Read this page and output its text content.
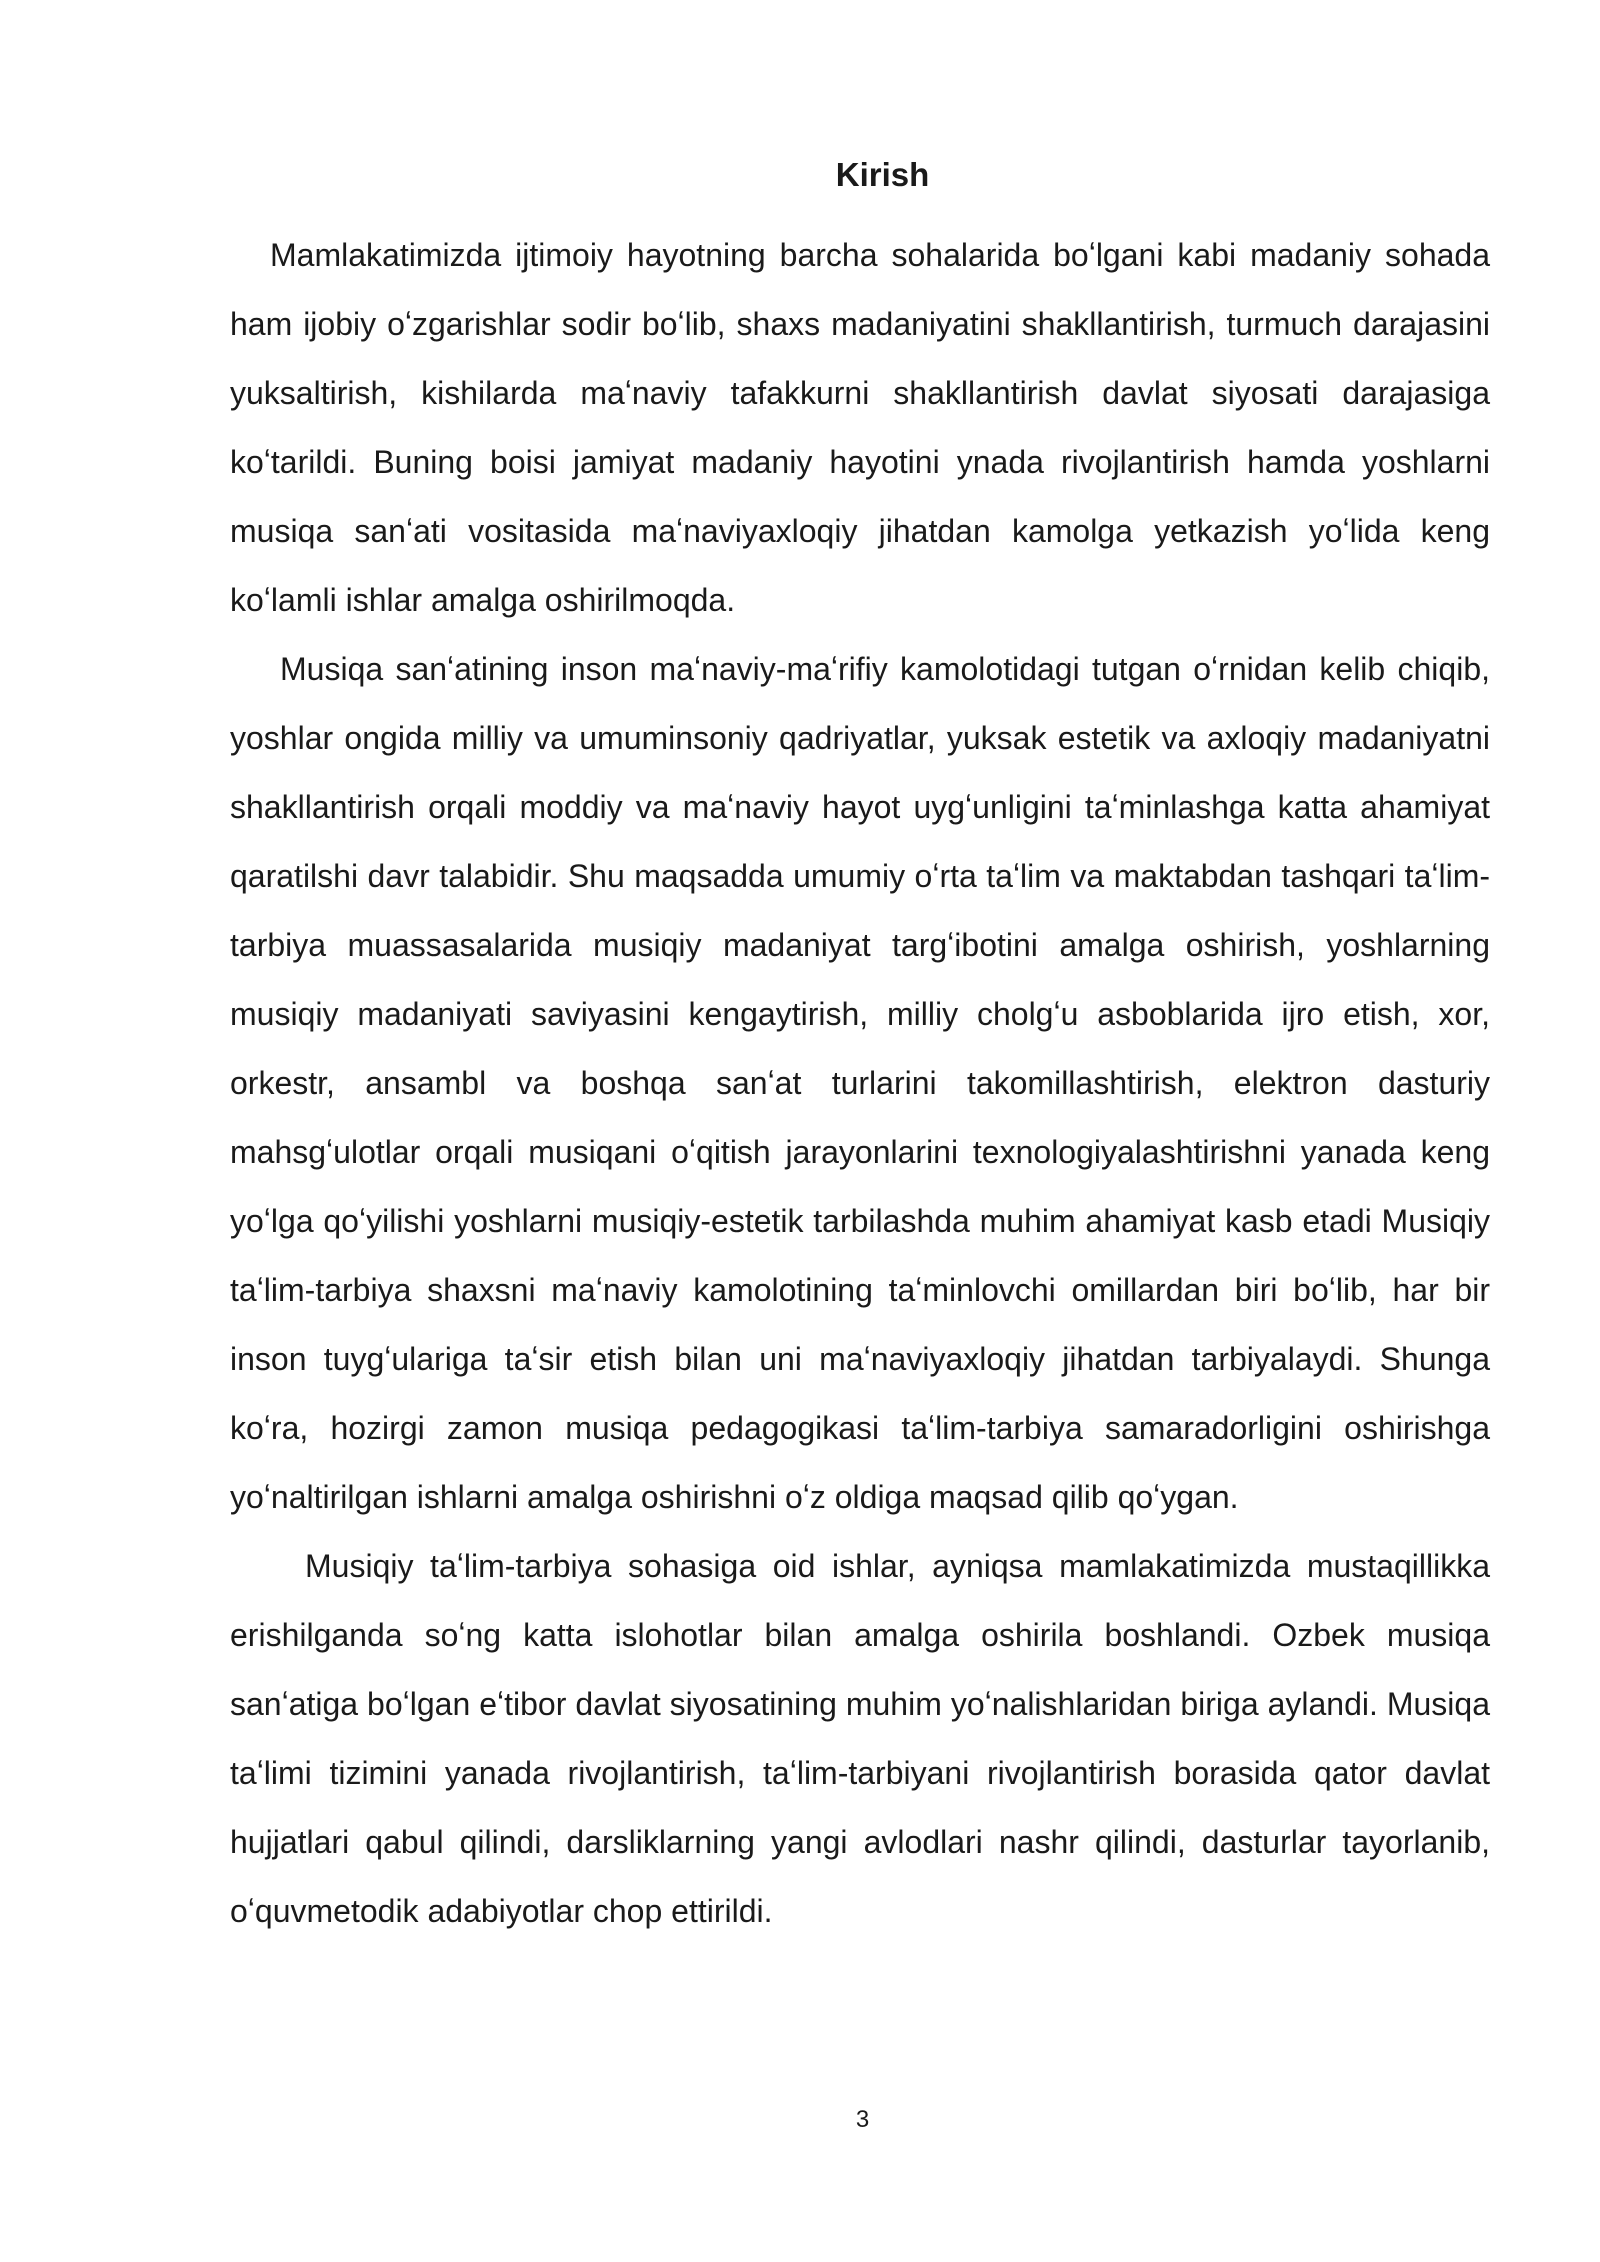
Kirish

Mamlakatimizda ijtimoiy hayotning barcha sohalarida boʻlgani kabi madaniy sohada ham ijobiy oʻzgarishlar sodir boʻlib, shaxs madaniyatini shakllantirish, turmuch darajasini yuksaltirish, kishilarda maʻnaviy tafakkurni shakllantirish davlat siyosati darajasiga koʻtarildi. Buning boisi jamiyat madaniy hayotini ynada rivojlantirish hamda yoshlarni musiqa sanʻati vositasida maʻnaviyaxloqiy jihatdan kamolga yetkazish yoʻlida keng koʻlamli ishlar amalga oshirilmoqda.

Musiqa sanʻatining inson maʻnaviy-maʻrifiy kamolotidagi tutgan oʻrnidan kelib chiqib, yoshlar ongida milliy va umuminsoniy qadriyatlar, yuksak estetik va axloqiy madaniyatni shakllantirish orqali moddiy va maʻnaviy hayot uygʻunligini taʻminlashga katta ahamiyat qaratilshi davr talabidir. Shu maqsadda umumiy oʻrta taʻlim va maktabdan tashqari taʻlim-tarbiya muassasalarida musiqiy madaniyat targʻibotini amalga oshirish, yoshlarning musiqiy madaniyati saviyasini kengaytirish, milliy cholgʻu asboblarida ijro etish, xor, orkestr, ansambl va boshqa sanʻat turlarini takomillashtirish, elektron dasturiy mahsgʻulotlar orqali musiqani oʻqitish jarayonlarini texnologiyalashtirishni yanada keng yoʻlga qoʻyilishi yoshlarni musiqiy-estetik tarbilashda muhim ahamiyat kasb etadi Musiqiy taʻlim-tarbiya shaxsni maʻnaviy kamolotining taʻminlovchi omillardan biri boʻlib, har bir inson tuygʻulariga taʻsir etish bilan uni maʻnaviyaxloqiy jihatdan tarbiyalaydi. Shunga koʻra, hozirgi zamon musiqa pedagogikasi taʻlim-tarbiya samaradorligini oshirishga yoʻnaltirilgan ishlarni amalga oshirishni oʻz oldiga maqsad qilib qoʻygan.

Musiqiy taʻlim-tarbiya sohasiga oid ishlar, ayniqsa mamlakatimizda mustaqillikka erishilganda soʻng katta islohotlar bilan amalga oshirila boshlandi. Ozbek musiqa sanʻatiga boʻlgan eʻtibor davlat siyosatining muhim yoʻnalishlaridan biriga aylandi. Musiqa taʻlimi tizimini yanada rivojlantirish, taʻlim-tarbiyani rivojlantirish borasida qator davlat hujjatlari qabul qilindi, darsliklarning yangi avlodlari nashr qilindi, dasturlar tayorlanib, oʻquvmetodik adabiyotlar chop ettirildi.

3
